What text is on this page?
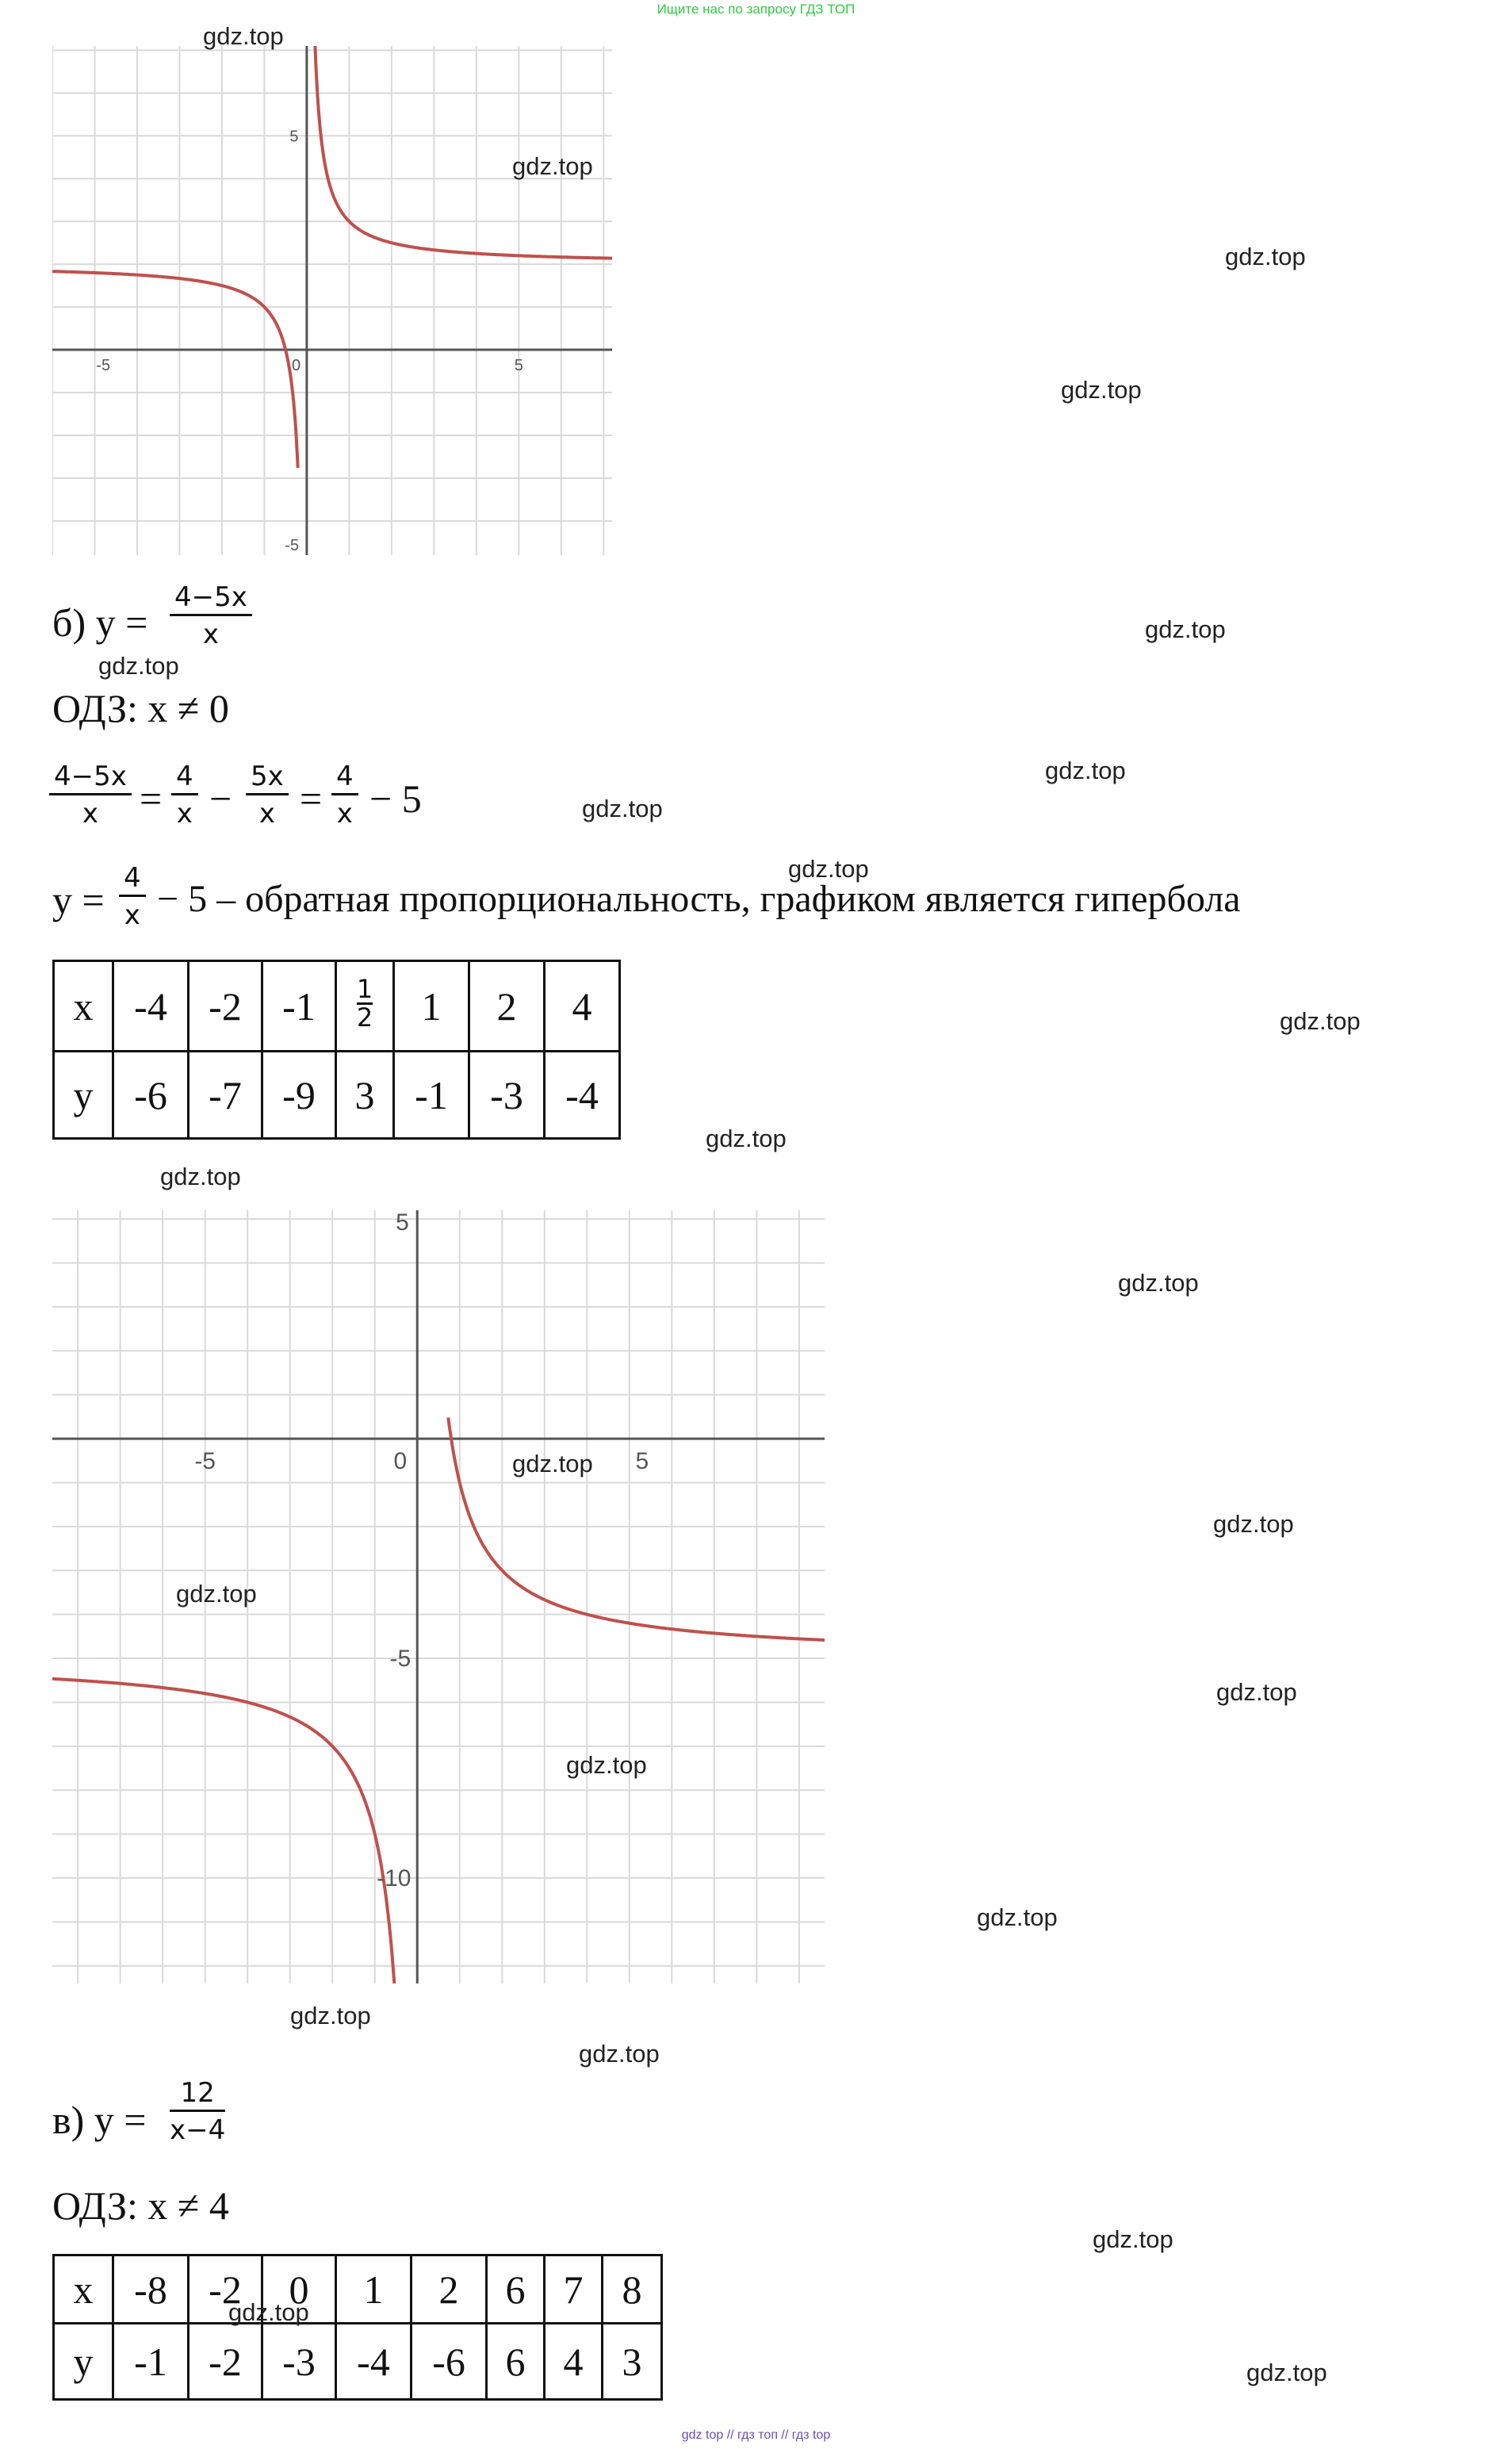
Ищите нас по запросу ГДЗ ТОП
-5	0	5
5
-5
gdz.top
gdz.top
gdz.top
gdz.top
б) $y = \frac{4-5x}{x}$
gdz.top
gdz.top
ОДЗ: x ≠ 0
$\frac{4-5x}{x} = \frac{4}{x} - \frac{5x}{x} = \frac{4}{x} - 5$	gdz.top
gdz.top
gdz.top
$y = \frac{4}{x} - 5$ – обратная пропорциональность, графиком является гипербола
x	-4	-2	-1	$\frac{1}{2}$	1	2	4
y	-6	-7	-9	3	-1	-3	-4
gdz.top
gdz.top
gdz.top
-5	0	5
5
-5
-10
gdz.top
gdz.top
gdz.top
gdz.top
gdz.top
gdz.top
gdz.top
gdz.top
gdz.top
в) $y = \frac{12}{x-4}$
ОДЗ: x ≠ 4
gdz.top
x	-8	-2	0	1	2	6	7	8
y	-1	-2	-3	-4	-6	6	4	3
gdz.top
gdz.top
gdz top // гдз топ // гдз top
